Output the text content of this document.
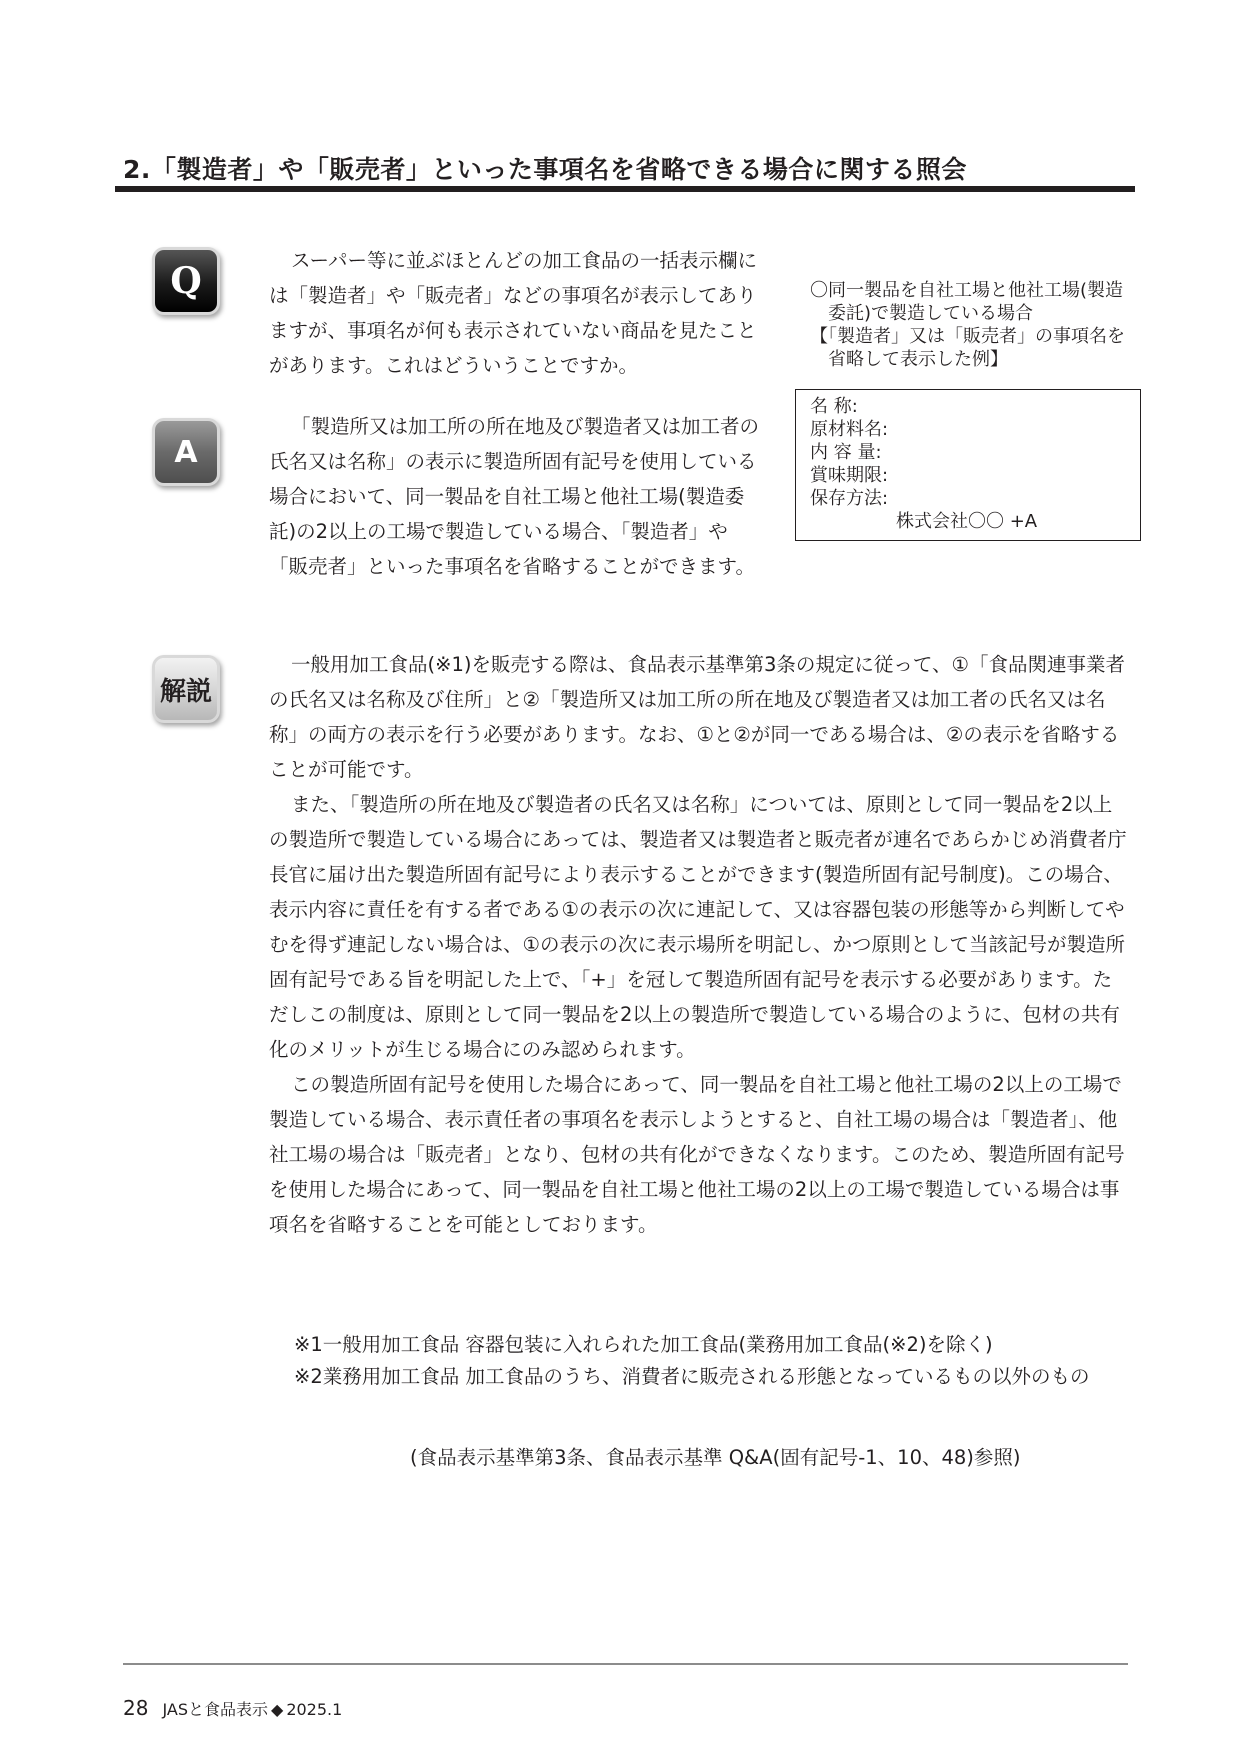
2.「製造者」や「販売者」といった事項名を省略できる場合に関する照会
Q	スーパー等に並ぶほとんどの加工食品の一括表示欄には「製造者」や「販売者」などの事項名が表示してありますが、事項名が何も表示されていない商品を見たことがあります。これはどういうことですか。

〇同一製品を自社工場と他社工場(製造委託)で製造している場合
【「製造者」又は「販売者」の事項名を省略して表示した例】
名 称:
原材料名:
内 容 量:
賞味期限:
保存方法:
株式会社〇〇 +A
A

「製造所又は加工所の所在地及び製造者又は加工者の氏名又は名称」の表示に製造所固有記号を使用している場合において、同一製品を自社工場と他社工場(製造委託)の2以上の工場で製造している場合、「製造者」や「販売者」といった事項名を省略することができます。

解説

一般用加工食品(※1)を販売する際は、食品表示基準第3条の規定に従って、①「食品関連事業者の氏名又は名称及び住所」と②「製造所又は加工所の所在地及び製造者又は加工者の氏名又は名称」の両方の表示を行う必要があります。なお、①と②が同一である場合は、②の表示を省略することが可能です。

また、「製造所の所在地及び製造者の氏名又は名称」については、原則として同一製品を2以上の製造所で製造している場合にあっては、製造者又は製造者と販売者が連名であらかじめ消費者庁長官に届け出た製造所固有記号により表示することができます(製造所固有記号制度)。この場合、表示内容に責任を有する者である①の表示の次に連記して、又は容器包装の形態等から判断してやむを得ず連記しない場合は、①の表示の次に表示場所を明記し、かつ原則として当該記号が製造所固有記号である旨を明記した上で、「+」を冠して製造所固有記号を表示する必要があります。ただしこの制度は、原則として同一製品を2以上の製造所で製造している場合のように、包材の共有化のメリットが生じる場合にのみ認められます。

この製造所固有記号を使用した場合にあって、同一製品を自社工場と他社工場の2以上の工場で製造している場合、表示責任者の事項名を表示しようとすると、自社工場の場合は「製造者」、他社工場の場合は「販売者」となり、包材の共有化ができなくなります。このため、製造所固有記号を使用した場合にあって、同一製品を自社工場と他社工場の2以上の工場で製造している場合は事項名を省略することを可能としております。

※1一般用加工食品 容器包装に入れられた加工食品(業務用加工食品(※2)を除く)
※2業務用加工食品 加工食品のうち、消費者に販売される形態となっているもの以外のもの
(食品表示基準第3条、食品表示基準 Q&A(固有記号-1、10、48)参照)
28 JASと食品表示 ◆ 2025.1
